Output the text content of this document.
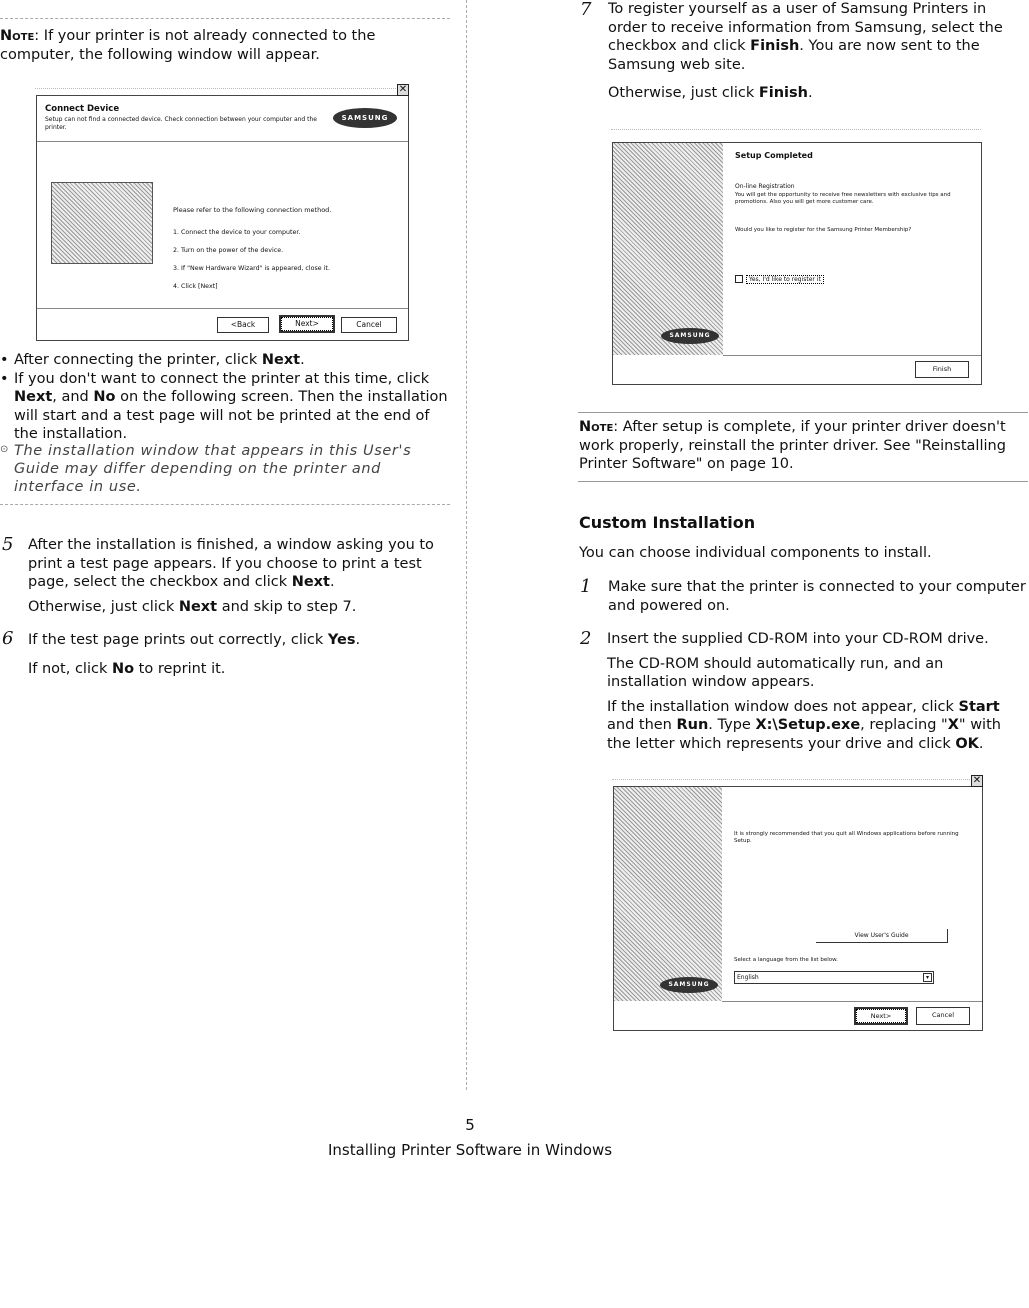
Note: If your printer is not already connected to the computer, the following window will appear.
✕
Connect Device
Setup can not find a connected device. Check connection between your computer and the printer.
SAMSUNG
Please refer to the following connection method.
1. Connect the device to your computer.
2. Turn on the power of the device.
3. If "New Hardware Wizard" is appeared, close it.
4. Click [Next]
<Back	Next>	Cancel
• After connecting the printer, click Next.
• If you don't want to connect the printer at this time, click Next, and No on the following screen. Then the installation will start and a test page will not be printed at the end of the installation.
⊙ The installation window that appears in this User's Guide may differ depending on the printer and interface in use.
5 After the installation is finished, a window asking you to print a test page appears. If you choose to print a test page, select the checkbox and click Next.

Otherwise, just click Next and skip to step 7.

6 If the test page prints out correctly, click Yes.

If not, click No to reprint it.

7 To register yourself as a user of Samsung Printers in order to receive information from Samsung, select the checkbox and click Finish. You are now sent to the Samsung web site.

Otherwise, just click Finish.

SAMSUNG
Setup Completed
On-line Registration
You will get the opportunity to receive free newsletters with exclusive tips and promotions. Also you will get more customer care.
Would you like to register for the Samsung Printer Membership?
Yes, I'd like to register it
Finish
Note: After setup is complete, if your printer driver doesn't work properly, reinstall the printer driver. See "Reinstalling Printer Software" on page 10.
Custom Installation
You can choose individual components to install.
1 Make sure that the printer is connected to your computer and powered on.

2 Insert the supplied CD-ROM into your CD-ROM drive.

The CD-ROM should automatically run, and an installation window appears.

If the installation window does not appear, click Start and then Run. Type X:\Setup.exe, replacing "X" with the letter which represents your drive and click OK.

✕
SAMSUNG
It is strongly recommended that you quit all Windows applications before running Setup.
View User's Guide
Select a language from the list below.
English	▾
Next>	Cancel
5
Installing Printer Software in Windows
